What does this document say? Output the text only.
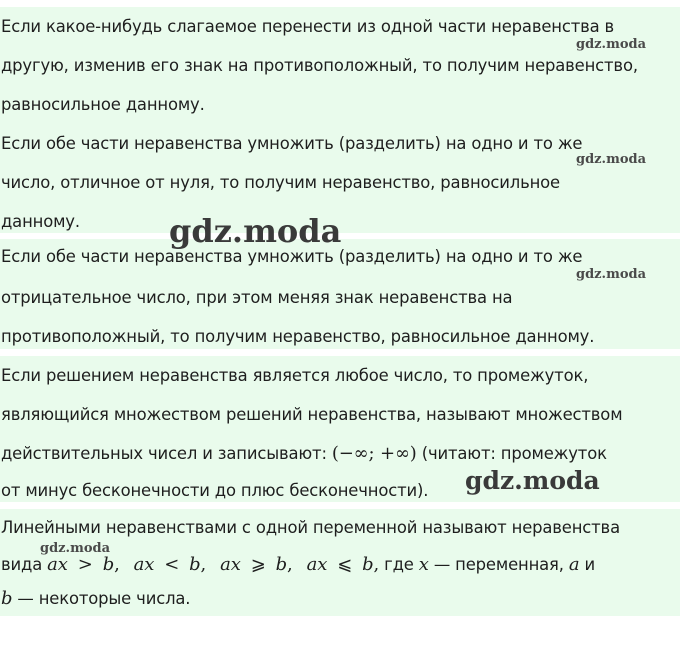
Если какое-нибудь слагаемое перенести из одной части неравенства в
другую, изменив его знак на противоположный, то получим неравенство,
равносильное данному.
Если обе части неравенства умножить (разделить) на одно и то же
число, отличное от нуля, то получим неравенство, равносильное
данному.
Если обе части неравенства умножить (разделить) на одно и то же
отрицательное число, при этом меняя знак неравенства на
противоположный, то получим неравенство, равносильное данному.
Если решением неравенства является любое число, то промежуток,
являющийся множеством решений неравенства, называют множеством
действительных чисел и записывают: (−∞; +∞) (читают: промежуток
от минус бесконечности до плюс бесконечности).
Линейными неравенствами с одной переменной называют неравенства
вида ax > b, ax < b, ax ⩾ b, ax ⩽ b, где x — переменная, a и
b — некоторые числа.
gdz.moda
gdz.moda
gdz.moda
gdz.moda
gdz.moda
gdz.moda
